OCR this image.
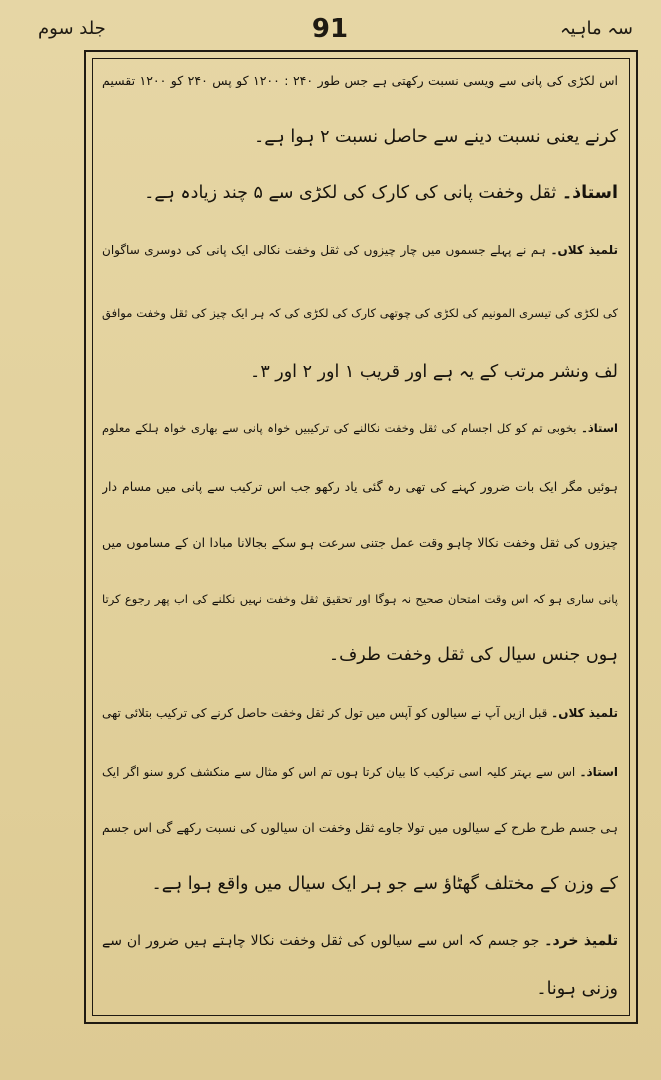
سہ ماہیہ
91
جلد سوم
اس لکڑی کی پانی سے ویسی نسبت رکھتی ہے جس طور ۲۴۰ : ۱۲۰۰ کو پس ۲۴۰ کو ۱۲۰۰ تقسیم
کرنے یعنی نسبت دینے سے حاصل نسبت ۲ ہوا ہے۔
استاذ۔ ثقل وخفت پانی کی کارک کی لکڑی سے ۵ چند زیادہ ہے۔
تلمیذ کلاں۔ ہم نے پہلے جسموں میں چار چیزوں کی ثقل وخفت نکالی ایک پانی کی دوسری ساگوان
کی لکڑی کی تیسری المونیم کی لکڑی کی چوتھی کارک کی لکڑی کی کہ ہر ایک چیز کی ثقل وخفت موافق
لف ونشر مرتب کے یہ ہے اور قریب ۱ اور ۲ اور ۳۔
استاذ۔ بخوبی تم کو کل اجسام کی ثقل وخفت نکالنے کی ترکیبیں خواہ پانی سے بھاری خواہ ہلکے معلوم
ہوئیں مگر ایک بات ضرور کہنے کی تھی رہ گئی یاد رکھو جب اس ترکیب سے پانی میں مسام دار
چیزوں کی ثقل وخفت نکالا چاہو وقت عمل جتنی سرعت ہو سکے بجالانا مبادا ان کے مساموں میں
پانی ساری ہو کہ اس وقت امتحان صحیح نہ ہوگا اور تحقیق ثقل وخفت نہیں نکلنے کی اب پھر رجوع کرتا
ہوں جنس سیال کی ثقل وخفت طرف۔
تلمیذ کلاں۔ قبل ازیں آپ نے سیالوں کو آپس میں تول کر ثقل وخفت حاصل کرنے کی ترکیب بتلائی تھی
استاذ۔ اس سے بہتر کلیہ اسی ترکیب کا بیان کرتا ہوں تم اس کو مثال سے منکشف کرو سنو اگر ایک
ہی جسم طرح طرح کے سیالوں میں تولا جاوے ثقل وخفت ان سیالوں کی نسبت رکھے گی اس جسم
کے وزن کے مختلف گھٹاؤ سے جو ہر ایک سیال میں واقع ہوا ہے۔
تلمیذ خرد۔ جو جسم کہ اس سے سیالوں کی ثقل وخفت نکالا چاہتے ہیں ضرور ان سے
وزنی ہونا۔
